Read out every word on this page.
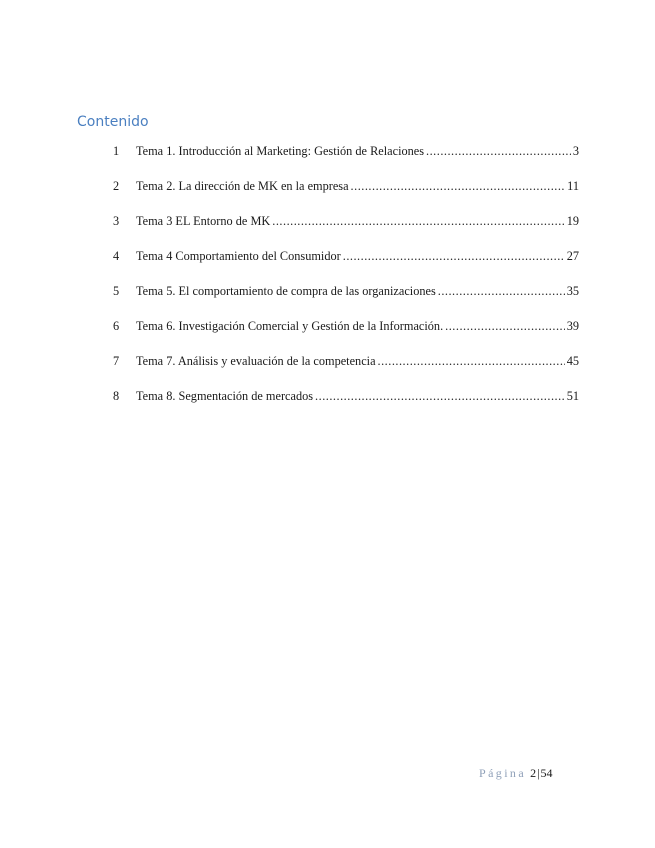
Contenido
1	Tema 1. Introducción al Marketing: Gestión de Relaciones .....	3
2	Tema 2. La dirección de MK en la empresa .....	11
3	Tema 3 EL Entorno de MK .....	19
4	Tema 4 Comportamiento del Consumidor .....	27
5	Tema 5. El comportamiento de compra de las organizaciones .....	35
6	Tema 6. Investigación Comercial y Gestión de la Información. .....	39
7	Tema 7. Análisis y evaluación de la competencia .....	45
8	Tema 8. Segmentación de mercados .....	51
Página 2|54
